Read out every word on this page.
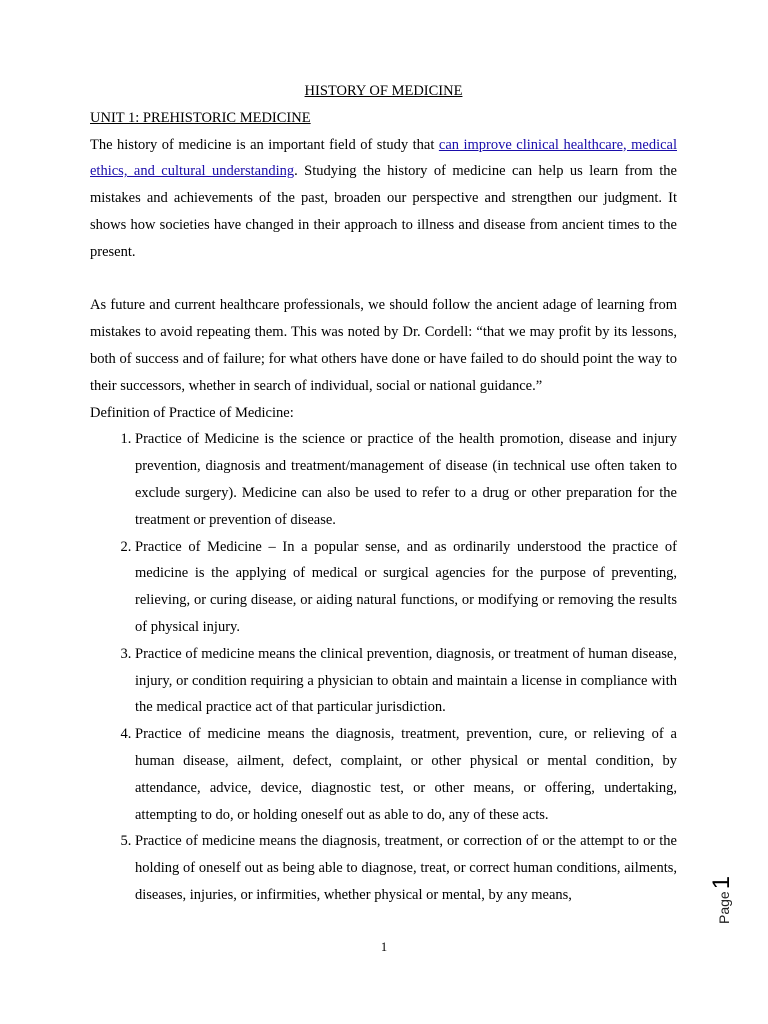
HISTORY OF MEDICINE

UNIT 1: PREHISTORIC MEDICINE

The history of medicine is an important field of study that can improve clinical healthcare, medical ethics, and cultural understanding. Studying the history of medicine can help us learn from the mistakes and achievements of the past, broaden our perspective and strengthen our judgment. It shows how societies have changed in their approach to illness and disease from ancient times to the present.

As future and current healthcare professionals, we should follow the ancient adage of learning from mistakes to avoid repeating them. This was noted by Dr. Cordell: “that we may profit by its lessons, both of success and of failure; for what others have done or have failed to do should point the way to their successors, whether in search of individual, social or national guidance.”

Definition of Practice of Medicine:

1. Practice of Medicine is the science or practice of the health promotion, disease and injury prevention, diagnosis and treatment/management of disease (in technical use often taken to exclude surgery). Medicine can also be used to refer to a drug or other preparation for the treatment or prevention of disease.
2. Practice of Medicine – In a popular sense, and as ordinarily understood the practice of medicine is the applying of medical or surgical agencies for the purpose of preventing, relieving, or curing disease, or aiding natural functions, or modifying or removing the results of physical injury.
3. Practice of medicine means the clinical prevention, diagnosis, or treatment of human disease, injury, or condition requiring a physician to obtain and maintain a license in compliance with the medical practice act of that particular jurisdiction.
4. Practice of medicine means the diagnosis, treatment, prevention, cure, or relieving of a human disease, ailment, defect, complaint, or other physical or mental condition, by attendance, advice, device, diagnostic test, or other means, or offering, undertaking, attempting to do, or holding oneself out as able to do, any of these acts.
5. Practice of medicine means the diagnosis, treatment, or correction of or the attempt to or the holding of oneself out as being able to diagnose, treat, or correct human conditions, ailments, diseases, injuries, or infirmities, whether physical or mental, by any means,
1
Page
1
